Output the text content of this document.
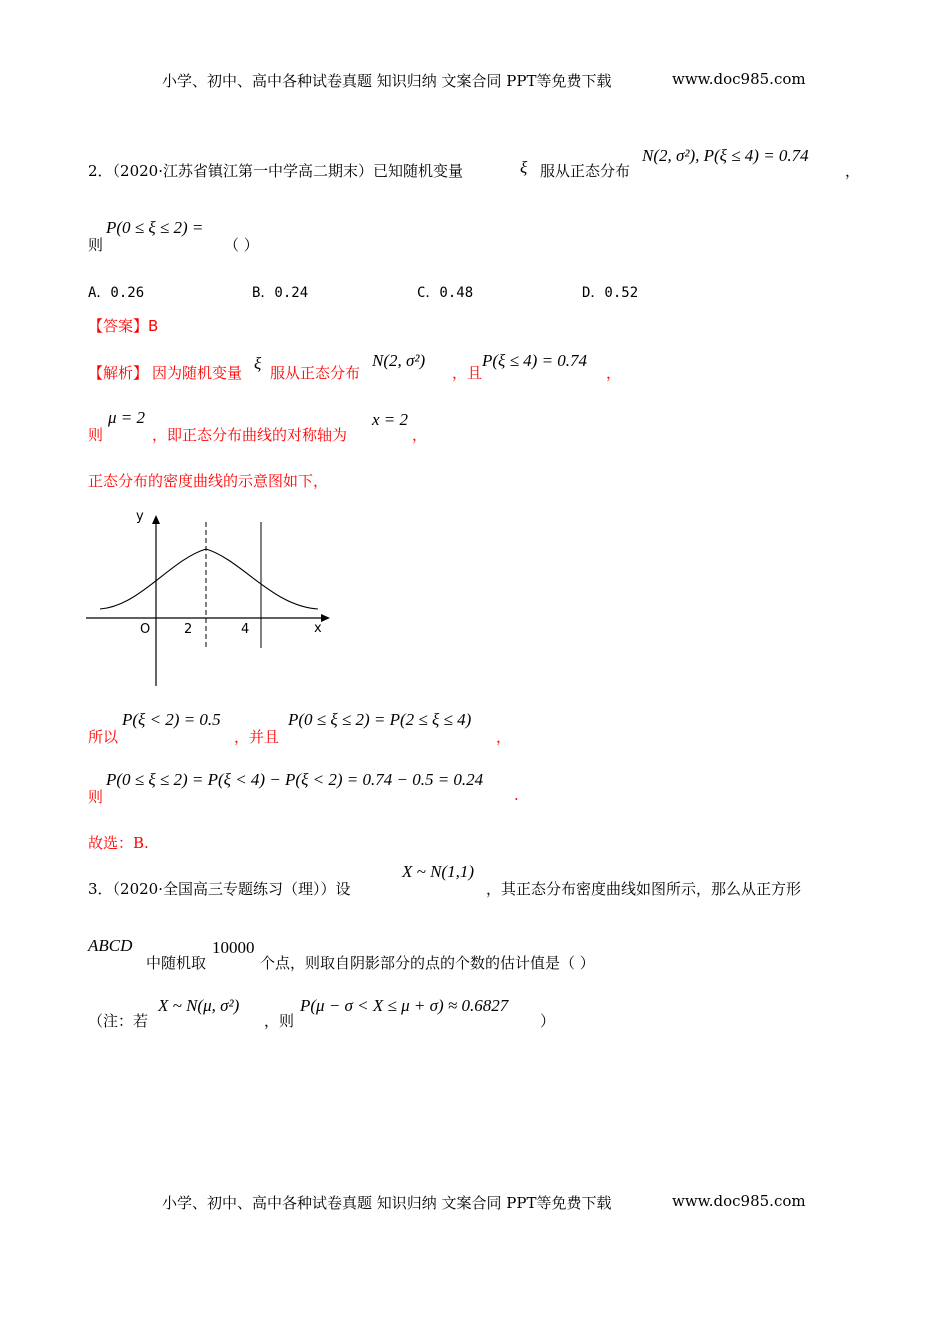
小学、初中、高中各种试卷真题 知识归纳 文案合同 PPT等免费下载	www.doc985.com
2．（2020·江苏省镇江第一中学高二期末）已知随机变量	ξ 服从正态分布
N(2, σ²), P(ξ ≤ 4) = 0.74
，
则
P(0 ≤ ξ ≤ 2) =
（ ）
A．0.26	B．0.24	C．0.48	D．0.52
【答案】B
【解析】 因为随机变量 ξ 服从正态分布
N(2, σ²)
，且
P(ξ ≤ 4) = 0.74
，
则
μ = 2
，即正态分布曲线的对称轴为
x = 2
，
正态分布的密度曲线的示意图如下，
y
x
O	2	4
所以
P(ξ < 2) = 0.5
，并且
P(0 ≤ ξ ≤ 2) = P(2 ≤ ξ ≤ 4)
，
则
P(0 ≤ ξ ≤ 2) = P(ξ < 4) − P(ξ < 2) = 0.74 − 0.5 = 0.24
.
故选：B.
3．（2020·全国高三专题练习（理））设
X ~ N(1,1)
，其正态分布密度曲线如图所示，那么从正方形
ABCD
中随机取
10000
个点，则取自阴影部分的点的个数的估计值是（ ）
（注：若
X ~ N(μ, σ²)
，则
P(μ − σ < X ≤ μ + σ) ≈ 0.6827
）
小学、初中、高中各种试卷真题 知识归纳 文案合同 PPT等免费下载	www.doc985.com
